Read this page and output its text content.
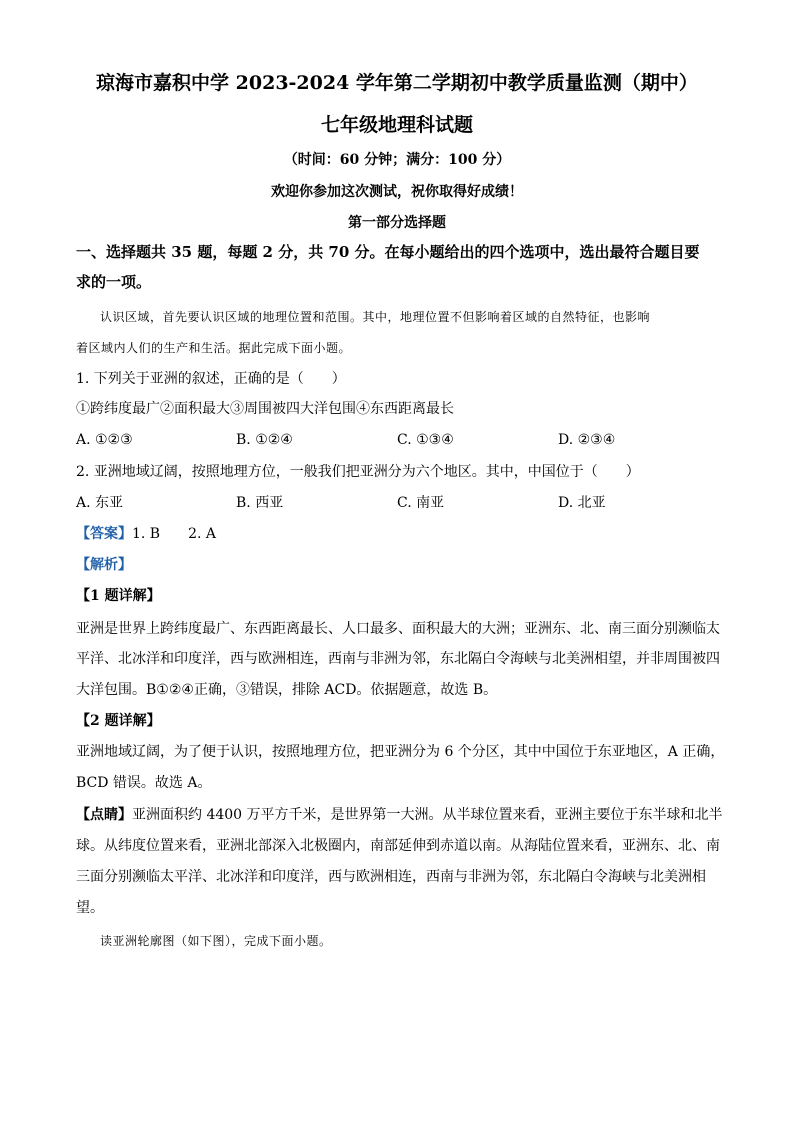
琼海市嘉积中学 2023-2024 学年第二学期初中教学质量监测（期中）
七年级地理科试题
（时间：60 分钟；满分：100 分）
欢迎你参加这次测试，祝你取得好成绩！
第一部分选择题
一、选择题共 35 题，每题 2 分，共 70 分。在每小题给出的四个选项中，选出最符合题目要
求的一项。
认识区域，首先要认识区域的地理位置和范围。其中，地理位置不但影响着区域的自然特征，也影响
着区域内人们的生产和生活。据此完成下面小题。
1. 下列关于亚洲的叙述，正确的是（　　）
①跨纬度最广②面积最大③周围被四大洋包围④东西距离最长
A. ①②③	B. ①②④	C. ①③④	D. ②③④
2. 亚洲地域辽阔，按照地理方位，一般我们把亚洲分为六个地区。其中，中国位于（　　）
A. 东亚	B. 西亚	C. 南亚	D. 北亚
【答案】1. B　　2. A
【解析】
【1 题详解】
亚洲是世界上跨纬度最广、东西距离最长、人口最多、面积最大的大洲；亚洲东、北、南三面分别濒临太
平洋、北冰洋和印度洋，西与欧洲相连，西南与非洲为邻，东北隔白令海峡与北美洲相望，并非周围被四
大洋包围。B①②④正确，③错误，排除 ACD。依据题意，故选 B。
【2 题详解】
亚洲地域辽阔，为了便于认识，按照地理方位，把亚洲分为 6 个分区，其中中国位于东亚地区，A 正确，
BCD 错误。故选 A。
【点睛】亚洲面积约 4400 万平方千米，是世界第一大洲。从半球位置来看，亚洲主要位于东半球和北半
球。从纬度位置来看，亚洲北部深入北极圈内，南部延伸到赤道以南。从海陆位置来看，亚洲东、北、南
三面分别濒临太平洋、北冰洋和印度洋，西与欧洲相连，西南与非洲为邻，东北隔白令海峡与北美洲相
望。
读亚洲轮廓图（如下图），完成下面小题。
